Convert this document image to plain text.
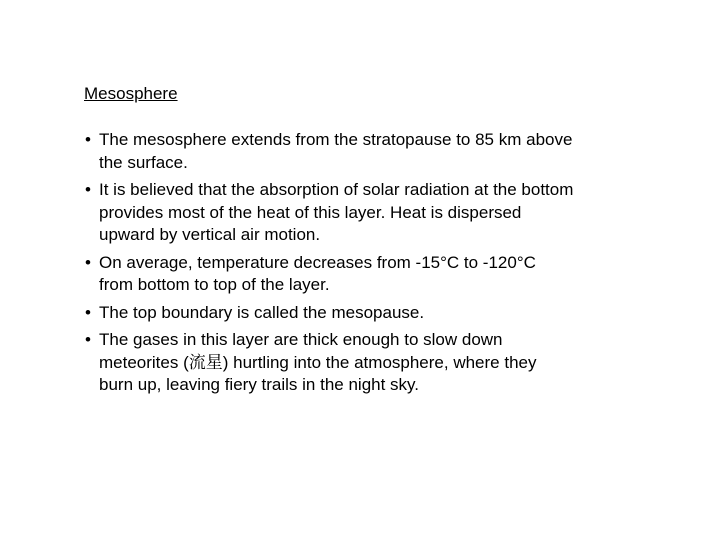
Mesosphere
• The mesosphere extends from the stratopause to 85 km above the surface.
• It is believed that the absorption of solar radiation at the bottom provides most of the heat of this layer. Heat is dispersed upward by vertical air motion.
• On average, temperature decreases from -15°C to -120°C from bottom to top of the layer.
• The top boundary is called the mesopause.
• The gases in this layer are thick enough to slow down meteorites (流星) hurtling into the atmosphere, where they burn up, leaving fiery trails in the night sky.
